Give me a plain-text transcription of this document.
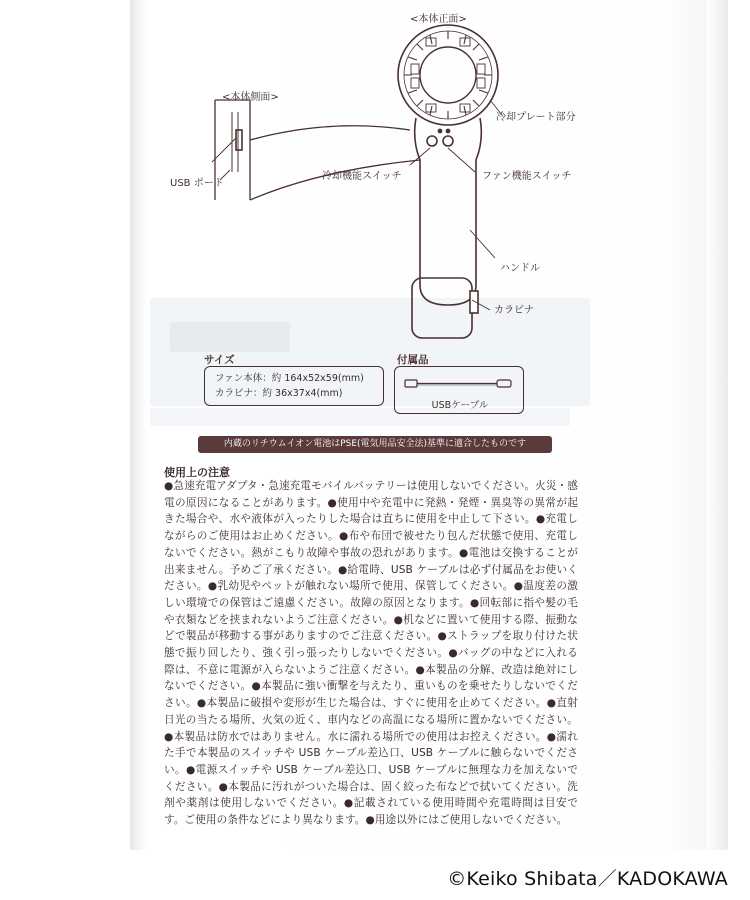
<本体正面>
<本体側面>
USB ポート
冷却プレート部分
冷却機能スイッチ	ファン機能スイッチ
ハンドル
カラビナ
サイズ
ファン本体：約 164x52x59(mm)
カラビナ：約 36x37x4(mm)
付属品
USBケーブル
内蔵のリチウムイオン電池はPSE(電気用品安全法)基準に適合したものです
使用上の注意
●急速充電アダプタ・急速充電モバイルバッテリーは使用しないでください。火災・感電の原因になることがあります。●使用中や充電中に発熱・発煙・異臭等の異常が起きた場合や、水や液体が入ったりした場合は直ちに使用を中止して下さい。●充電しながらのご使用はお止めください。●布や布団で被せたり包んだ状態で使用、充電しないでください。熱がこもり故障や事故の恐れがあります。●電池は交換することが出来ません。予めご了承ください。●給電時、USB ケーブルは必ず付属品をお使いください。●乳幼児やペットが触れない場所で使用、保管してください。●温度差の激しい環境での保管はご遠慮ください。故障の原因となります。●回転部に指や髪の毛や衣類などを挟まれないようご注意ください。●机などに置いて使用する際、振動などで製品が移動する事がありますのでご注意ください。●ストラップを取り付けた状態で振り回したり、強く引っ張ったりしないでください。●バッグの中などに入れる際は、不意に電源が入らないようご注意ください。●本製品の分解、改造は絶対にしないでください。●本製品に強い衝撃を与えたり、重いものを乗せたりしないでください。●本製品に破損や変形が生じた場合は、すぐに使用を止めてください。●直射日光の当たる場所、火気の近く、車内などの高温になる場所に置かないでください。●本製品は防水ではありません。水に濡れる場所での使用はお控えください。●濡れた手で本製品のスイッチや USB ケーブル差込口、USB ケーブルに触らないでください。●電源スイッチや USB ケーブル差込口、USB ケーブルに無理な力を加えないでください。●本製品に汚れがついた場合は、固く絞った布などで拭いてください。洗剤や薬剤は使用しないでください。●記載されている使用時間や充電時間は目安です。ご使用の条件などにより異なります。●用途以外にはご使用しないでください。
©Keiko Shibata／KADOKAWA
